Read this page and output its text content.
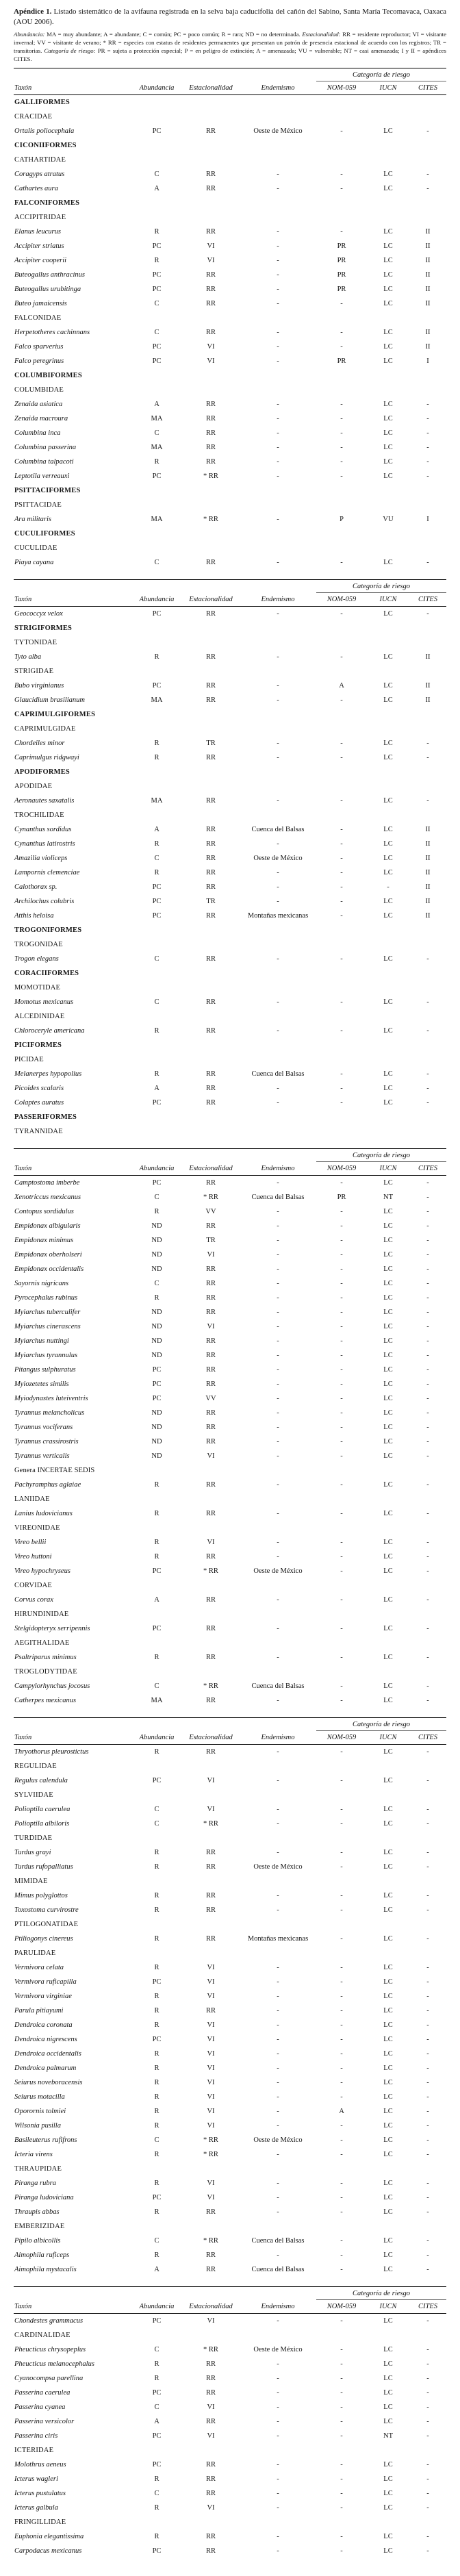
Apéndice 1. Listado sistemático de la avifauna registrada en la selva baja caducifolia del cañón del Sabino, Santa María Tecomavaca, Oaxaca (AOU 2006).

Abundancia: MA = muy abundante; A = abundante; C = común; PC = poco común; R = rara; ND = no determinada. Estacionalidad: RR = residente reproductor; VI = visitante invernal; VV = visitante de verano; * RR = especies con estatus de residentes permanentes que presentan un patrón de presencia estacional de acuerdo con los registros; TR = transitorias. Categoría de riesgo: PR = sujeta a protección especial; P = en peligro de extinción; A = amenazada; VU = vulnerable; NT = casi amenazada; I y II = apéndices CITES.

Categoría de riesgo
Taxón	Abundancia	Estacionalidad	Endemismo	NOM-059	IUCN	CITES
GALLIFORMES
CRACIDAE
Ortalis poliocephala	PC	RR	Oeste de México	-	LC	-
CICONIIFORMES
CATHARTIDAE
Coragyps atratus	C	RR	-	-	LC	-
Cathartes aura	A	RR	-	-	LC	-
FALCONIFORMES
ACCIPITRIDAE
Elanus leucurus	R	RR	-	-	LC	II
Accipiter striatus	PC	VI	-	PR	LC	II
Accipiter cooperii	R	VI	-	PR	LC	II
Buteogallus anthracinus	PC	RR	-	PR	LC	II
Buteogallus urubitinga	PC	RR	-	PR	LC	II
Buteo jamaicensis	C	RR	-	-	LC	II
FALCONIDAE
Herpetotheres cachinnans	C	RR	-	-	LC	II
Falco sparverius	PC	VI	-	-	LC	II
Falco peregrinus	PC	VI	-	PR	LC	I
COLUMBIFORMES
COLUMBIDAE
Zenaida asiatica	A	RR	-	-	LC	-
Zenaida macroura	MA	RR	-	-	LC	-
Columbina inca	C	RR	-	-	LC	-
Columbina passerina	MA	RR	-	-	LC	-
Columbina talpacoti	R	RR	-	-	LC	-
Leptotila verreauxi	PC	* RR	-	-	LC	-
PSITTACIFORMES
PSITTACIDAE
Ara militaris	MA	* RR	-	P	VU	I
CUCULIFORMES
CUCULIDAE
Piaya cayana	C	RR	-	-	LC	-
Categoría de riesgo
Taxón	Abundancia	Estacionalidad	Endemismo	NOM-059	IUCN	CITES
Geococcyx velox	PC	RR	-	-	LC	-
STRIGIFORMES
TYTONIDAE
Tyto alba	R	RR	-	-	LC	II
STRIGIDAE
Bubo virginianus	PC	RR	-	A	LC	II
Glaucidium brasilianum	MA	RR	-	-	LC	II
CAPRIMULGIFORMES
CAPRIMULGIDAE
Chordeiles minor	R	TR	-	-	LC	-
Caprimulgus ridgwayi	R	RR	-	-	LC	-
APODIFORMES
APODIDAE
Aeronautes saxatalis	MA	RR	-	-	LC	-
TROCHILIDAE
Cynanthus sordidus	A	RR	Cuenca del Balsas	-	LC	II
Cynanthus latirostris	R	RR	-	-	LC	II
Amazilia violiceps	C	RR	Oeste de México	-	LC	II
Lampornis clemenciae	R	RR	-	-	LC	II
Calothorax sp.	PC	RR	-	-	-	II
Archilochus colubris	PC	TR	-	-	LC	II
Atthis heloisa	PC	RR	Montañas mexicanas	-	LC	II
TROGONIFORMES
TROGONIDAE
Trogon elegans	C	RR	-	-	LC	-
CORACIIFORMES
MOMOTIDAE
Momotus mexicanus	C	RR	-	-	LC	-
ALCEDINIDAE
Chloroceryle americana	R	RR	-	-	LC	-
PICIFORMES
PICIDAE
Melanerpes hypopolius	R	RR	Cuenca del Balsas	-	LC	-
Picoides scalaris	A	RR	-	-	LC	-
Colaptes auratus	PC	RR	-	-	LC	-
PASSERIFORMES
TYRANNIDAE
Categoría de riesgo
Taxón	Abundancia	Estacionalidad	Endemismo	NOM-059	IUCN	CITES
Camptostoma imberbe	PC	RR	-	-	LC	-
Xenotriccus mexicanus	C	* RR	Cuenca del Balsas	PR	NT	-
Contopus sordidulus	R	VV	-	-	LC	-
Empidonax albigularis	ND	RR	-	-	LC	-
Empidonax minimus	ND	TR	-	-	LC	-
Empidonax oberholseri	ND	VI	-	-	LC	-
Empidonax occidentalis	ND	RR	-	-	LC	-
Sayornis nigricans	C	RR	-	-	LC	-
Pyrocephalus rubinus	R	RR	-	-	LC	-
Myiarchus tuberculifer	ND	RR	-	-	LC	-
Myiarchus cinerascens	ND	VI	-	-	LC	-
Myiarchus nuttingi	ND	RR	-	-	LC	-
Myiarchus tyrannulus	ND	RR	-	-	LC	-
Pitangus sulphuratus	PC	RR	-	-	LC	-
Myiozetetes similis	PC	RR	-	-	LC	-
Myiodynastes luteiventris	PC	VV	-	-	LC	-
Tyrannus melancholicus	ND	RR	-	-	LC	-
Tyrannus vociferans	ND	RR	-	-	LC	-
Tyrannus crassirostris	ND	RR	-	-	LC	-
Tyrannus verticalis	ND	VI	-	-	LC	-
Genera INCERTAE SEDIS
Pachyramphus aglaiae	R	RR	-	-	LC	-
LANIIDAE
Lanius ludovicianus	R	RR	-	-	LC	-
VIREONIDAE
Vireo bellii	R	VI	-	-	LC	-
Vireo huttoni	R	RR	-	-	LC	-
Vireo hypochryseus	PC	* RR	Oeste de México	-	LC	-
CORVIDAE
Corvus corax	A	RR	-	-	LC	-
HIRUNDINIDAE
Stelgidopteryx serripennis	PC	RR	-	-	LC	-
AEGITHALIDAE
Psaltriparus minimus	R	RR	-	-	LC	-
TROGLODYTIDAE
Campylorhynchus jocosus	C	* RR	Cuenca del Balsas	-	LC	-
Catherpes mexicanus	MA	RR	-	-	LC	-
Categoría de riesgo
Taxón	Abundancia	Estacionalidad	Endemismo	NOM-059	IUCN	CITES
Thryothorus pleurostictus	R	RR	-	-	LC	-
REGULIDAE
Regulus calendula	PC	VI	-	-	LC	-
SYLVIIDAE
Polioptila caerulea	C	VI	-	-	LC	-
Polioptila albiloris	C	* RR	-	-	LC	-
TURDIDAE
Turdus grayi	R	RR	-	-	LC	-
Turdus rufopalliatus	R	RR	Oeste de México	-	LC	-
MIMIDAE
Mimus polyglottos	R	RR	-	-	LC	-
Toxostoma curvirostre	R	RR	-	-	LC	-
PTILOGONATIDAE
Ptiliogonys cinereus	R	RR	Montañas mexicanas	-	LC	-
PARULIDAE
Vermivora celata	R	VI	-	-	LC	-
Vermivora ruficapilla	PC	VI	-	-	LC	-
Vermivora virginiae	R	VI	-	-	LC	-
Parula pitiayumi	R	RR	-	-	LC	-
Dendroica coronata	R	VI	-	-	LC	-
Dendroica nigrescens	PC	VI	-	-	LC	-
Dendroica occidentalis	R	VI	-	-	LC	-
Dendroica palmarum	R	VI	-	-	LC	-
Seiurus noveboracensis	R	VI	-	-	LC	-
Seiurus motacilla	R	VI	-	-	LC	-
Oporornis tolmiei	R	VI	-	A	LC	-
Wilsonia pusilla	R	VI	-	-	LC	-
Basileuterus rufifrons	C	* RR	Oeste de México	-	LC	-
Icteria virens	R	* RR	-	-	LC	-
THRAUPIDAE
Piranga rubra	R	VI	-	-	LC	-
Piranga ludoviciana	PC	VI	-	-	LC	-
Thraupis abbas	R	RR	-	-	LC	-
EMBERIZIDAE
Pipilo albicollis	C	* RR	Cuenca del Balsas	-	LC	-
Aimophila ruficeps	R	RR	-	-	LC	-
Aimophila mystacalis	A	RR	Cuenca del Balsas	-	LC	-
Categoría de riesgo
Taxón	Abundancia	Estacionalidad	Endemismo	NOM-059	IUCN	CITES
Chondestes grammacus	PC	VI	-	-	LC	-
CARDINALIDAE
Pheucticus chrysopeplus	C	* RR	Oeste de México	-	LC	-
Pheucticus melanocephalus	R	RR	-	-	LC	-
Cyanocompsa parellina	R	RR	-	-	LC	-
Passerina caerulea	PC	RR	-	-	LC	-
Passerina cyanea	C	VI	-	-	LC	-
Passerina versicolor	A	RR	-	-	LC	-
Passerina ciris	PC	VI	-	-	NT	-
ICTERIDAE
Molothrus aeneus	PC	RR	-	-	LC	-
Icterus wagleri	R	RR	-	-	LC	-
Icterus pustulatus	C	RR	-	-	LC	-
Icterus galbula	R	VI	-	-	LC	-
FRINGILLIDAE
Euphonia elegantissima	R	RR	-	-	LC	-
Carpodacus mexicanus	PC	RR	-	-	LC	-
